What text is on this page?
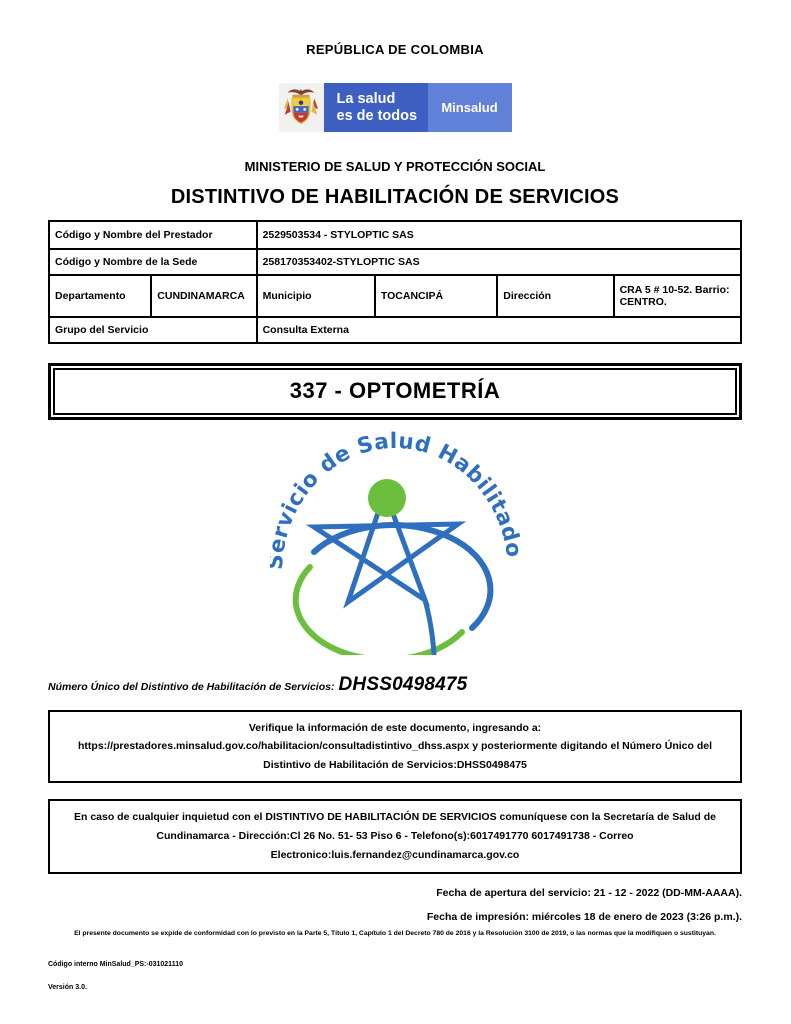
REPÚBLICA DE COLOMBIA
La salud
es de todos	Minsalud
MINISTERIO DE SALUD Y PROTECCIÓN SOCIAL
DISTINTIVO DE HABILITACIÓN DE SERVICIOS
Código y Nombre del Prestador		2529503534 - STYLOPTIC SAS			
Código y Nombre de la Sede		258170353402-STYLOPTIC SAS			
Departamento	CUNDINAMARCA	Municipio	TOCANCIPÁ	Dirección	CRA 5 # 10-52. Barrio: CENTRO.
Grupo del Servicio		Consulta Externa			
337 - OPTOMETRÍA
rvicio de Salud Habilita
Número Único del Distintivo de Habilitación de Servicios: DHSS0498475
Verifique la información de este documento, ingresando a: https://prestadores.minsalud.gov.co/habilitacion/consultadistintivo_dhss.aspx y posteriormente digitando el Número Único del Distintivo de Habilitación de Servicios:DHSS0498475
En caso de cualquier inquietud con el DISTINTIVO DE HABILITACIÓN DE SERVICIOS comuníquese con la Secretaría de Salud de Cundinamarca - Dirección:Cl 26 No. 51- 53 Piso 6 - Telefono(s):6017491770 6017491738 - Correo Electronico:luis.fernandez@cundinamarca.gov.co
Fecha de apertura del servicio: 21 - 12 - 2022 (DD-MM-AAAA).
Fecha de impresión: miércoles 18 de enero de 2023 (3:26 p.m.).
El presente documento se expide de conformidad con lo previsto en la Parte 5, Título 1, Capítulo 1 del Decreto 780 de 2016 y la Resolución 3100 de 2019, o las normas que la modifiquen o sustituyan.
Código interno MinSalud_PS:-031021110
Versión 3.0.
